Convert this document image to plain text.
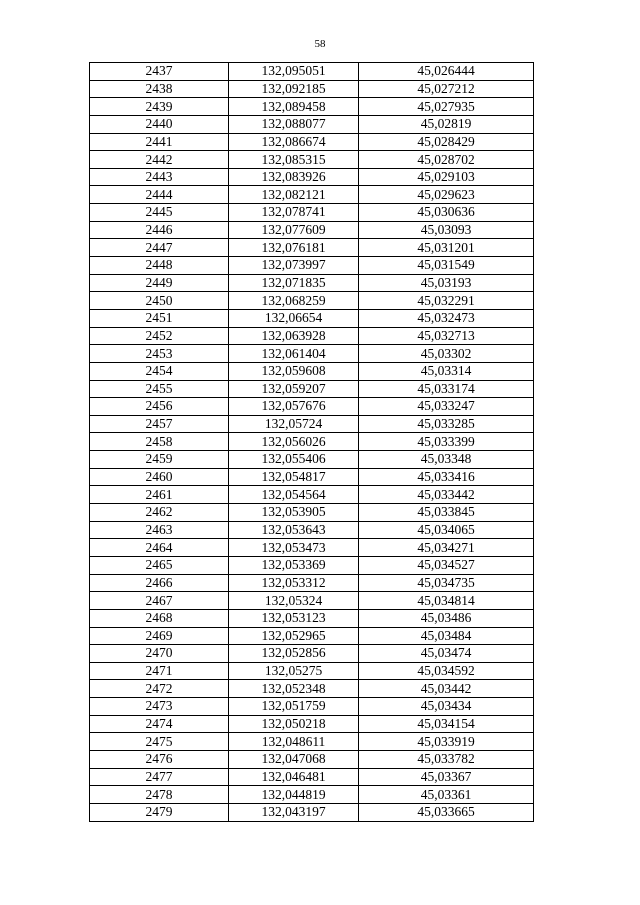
58
2437	132,095051	45,026444
2438	132,092185	45,027212
2439	132,089458	45,027935
2440	132,088077	45,02819
2441	132,086674	45,028429
2442	132,085315	45,028702
2443	132,083926	45,029103
2444	132,082121	45,029623
2445	132,078741	45,030636
2446	132,077609	45,03093
2447	132,076181	45,031201
2448	132,073997	45,031549
2449	132,071835	45,03193
2450	132,068259	45,032291
2451	132,06654	45,032473
2452	132,063928	45,032713
2453	132,061404	45,03302
2454	132,059608	45,03314
2455	132,059207	45,033174
2456	132,057676	45,033247
2457	132,05724	45,033285
2458	132,056026	45,033399
2459	132,055406	45,03348
2460	132,054817	45,033416
2461	132,054564	45,033442
2462	132,053905	45,033845
2463	132,053643	45,034065
2464	132,053473	45,034271
2465	132,053369	45,034527
2466	132,053312	45,034735
2467	132,05324	45,034814
2468	132,053123	45,03486
2469	132,052965	45,03484
2470	132,052856	45,03474
2471	132,05275	45,034592
2472	132,052348	45,03442
2473	132,051759	45,03434
2474	132,050218	45,034154
2475	132,048611	45,033919
2476	132,047068	45,033782
2477	132,046481	45,03367
2478	132,044819	45,03361
2479	132,043197	45,033665
